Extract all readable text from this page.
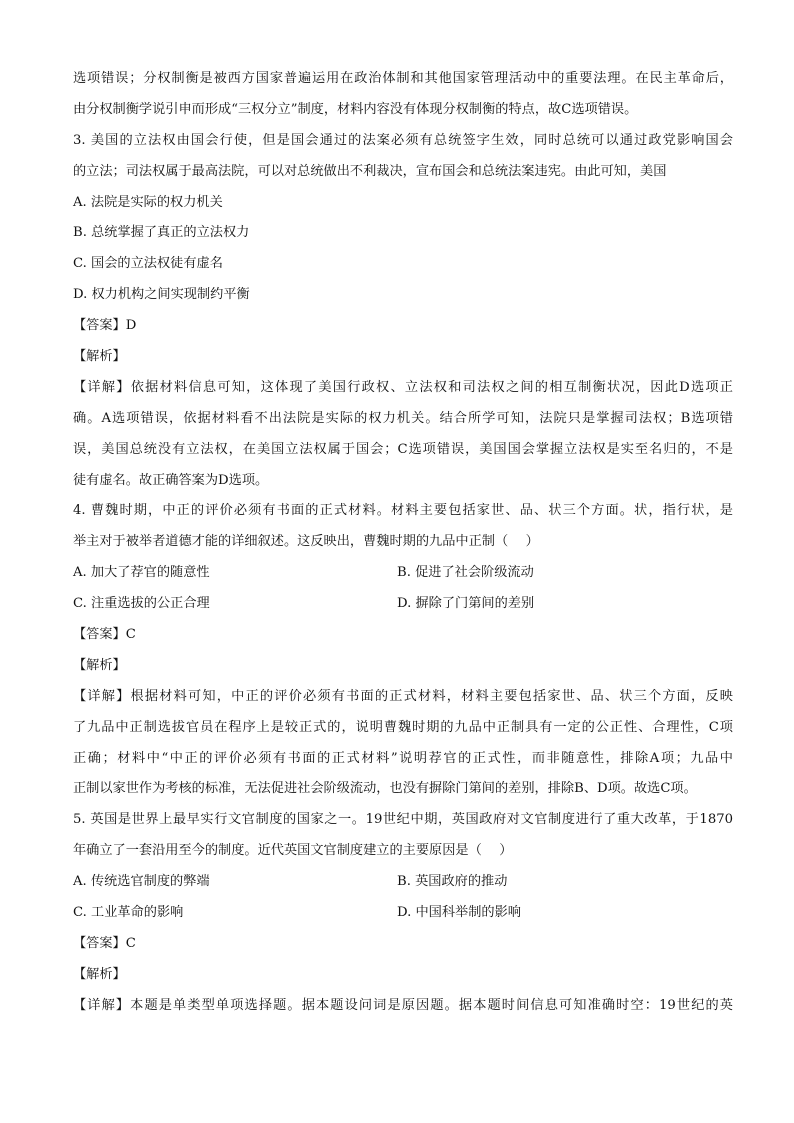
选项错误；分权制衡是被西方国家普遍运用在政治体制和其他国家管理活动中的重要法理。在民主革命后，
由分权制衡学说引申而形成“三权分立”制度，材料内容没有体现分权制衡的特点，故C选项错误。
3. 美国的立法权由国会行使，但是国会通过的法案必须有总统签字生效，同时总统可以通过政党影响国会
的立法；司法权属于最高法院，可以对总统做出不利裁决，宣布国会和总统法案违宪。由此可知，美国
A. 法院是实际的权力机关
B. 总统掌握了真正的立法权力
C. 国会的立法权徒有虚名
D. 权力机构之间实现制约平衡
【答案】D
【解析】
【详解】依据材料信息可知，这体现了美国行政权、立法权和司法权之间的相互制衡状况，因此D选项正
确。A选项错误，依据材料看不出法院是实际的权力机关。结合所学可知，法院只是掌握司法权；B选项错
误，美国总统没有立法权，在美国立法权属于国会；C选项错误，美国国会掌握立法权是实至名归的，不是
徒有虚名。故正确答案为D选项。
4. 曹魏时期，中正的评价必须有书面的正式材料。材料主要包括家世、品、状三个方面。状，指行状，是
举主对于被举者道德才能的详细叙述。这反映出，曹魏时期的九品中正制（　 ）
A. 加大了荐官的随意性	B. 促进了社会阶级流动
C. 注重选拔的公正合理	D. 摒除了门第间的差别
【答案】C
【解析】
【详解】根据材料可知，中正的评价必须有书面的正式材料，材料主要包括家世、品、状三个方面，反映
了九品中正制选拔官员在程序上是较正式的，说明曹魏时期的九品中正制具有一定的公正性、合理性，C项
正确；材料中“中正的评价必须有书面的正式材料”说明荐官的正式性，而非随意性，排除A项；九品中
正制以家世作为考核的标准，无法促进社会阶级流动，也没有摒除门第间的差别，排除B、D项。故选C项。
5. 英国是世界上最早实行文官制度的国家之一。19世纪中期，英国政府对文官制度进行了重大改革，于1870
年确立了一套沿用至今的制度。近代英国文官制度建立的主要原因是（　 ）
A. 传统选官制度的弊端	B. 英国政府的推动
C. 工业革命的影响	D. 中国科举制的影响
【答案】C
【解析】
【详解】本题是单类型单项选择题。据本题设问词是原因题。据本题时间信息可知准确时空：19世纪的英
